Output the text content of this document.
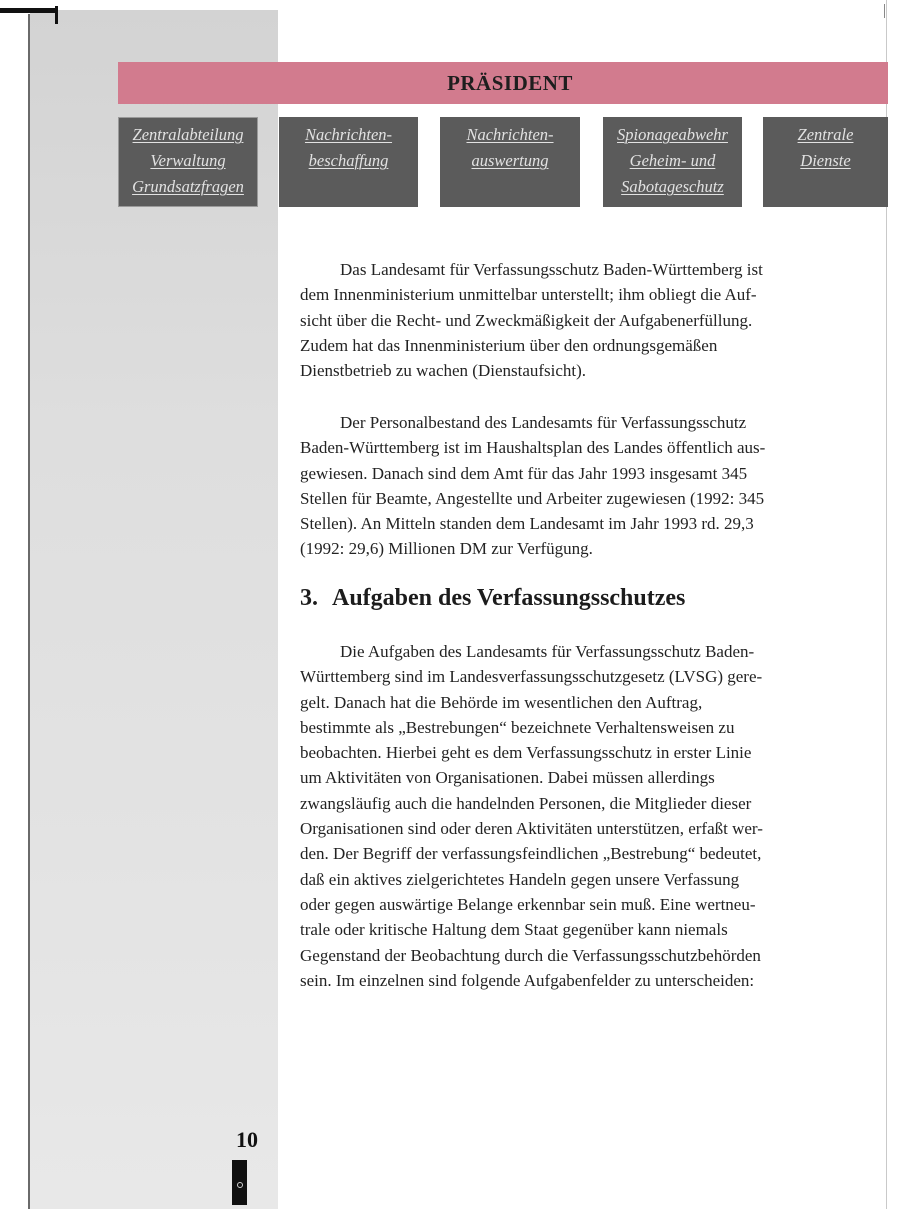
PRÄSIDENT
Zentralabteilung
Verwaltung
Grundsatzfragen
Nachrichten-
beschaffung
Nachrichten-
auswertung
Spionageabwehr
Geheim- und
Sabotageschutz
Zentrale
Dienste
Das Landesamt für Verfassungsschutz Baden-Württemberg ist
dem Innenministerium unmittelbar unterstellt; ihm obliegt die Auf-
sicht über die Recht- und Zweckmäßigkeit der Aufgabenerfüllung.
Zudem hat das Innenministerium über den ordnungsgemäßen
Dienstbetrieb zu wachen (Dienstaufsicht).
Der Personalbestand des Landesamts für Verfassungsschutz
Baden-Württemberg ist im Haushaltsplan des Landes öffentlich aus-
gewiesen. Danach sind dem Amt für das Jahr 1993 insgesamt 345
Stellen für Beamte, Angestellte und Arbeiter zugewiesen (1992: 345
Stellen). An Mitteln standen dem Landesamt im Jahr 1993 rd. 29,3
(1992: 29,6) Millionen DM zur Verfügung.
3. Aufgaben des Verfassungsschutzes
Die Aufgaben des Landesamts für Verfassungsschutz Baden-
Württemberg sind im Landesverfassungsschutzgesetz (LVSG) gere-
gelt. Danach hat die Behörde im wesentlichen den Auftrag,
bestimmte als „Bestrebungen“ bezeichnete Verhaltensweisen zu
beobachten. Hierbei geht es dem Verfassungsschutz in erster Linie
um Aktivitäten von Organisationen. Dabei müssen allerdings
zwangsläufig auch die handelnden Personen, die Mitglieder dieser
Organisationen sind oder deren Aktivitäten unterstützen, erfaßt wer-
den. Der Begriff der verfassungsfeindlichen „Bestrebung“ bedeutet,
daß ein aktives zielgerichtetes Handeln gegen unsere Verfassung
oder gegen auswärtige Belange erkennbar sein muß. Eine wertneu-
trale oder kritische Haltung dem Staat gegenüber kann niemals
Gegenstand der Beobachtung durch die Verfassungsschutzbehörden
sein. Im einzelnen sind folgende Aufgabenfelder zu unterscheiden:
10
